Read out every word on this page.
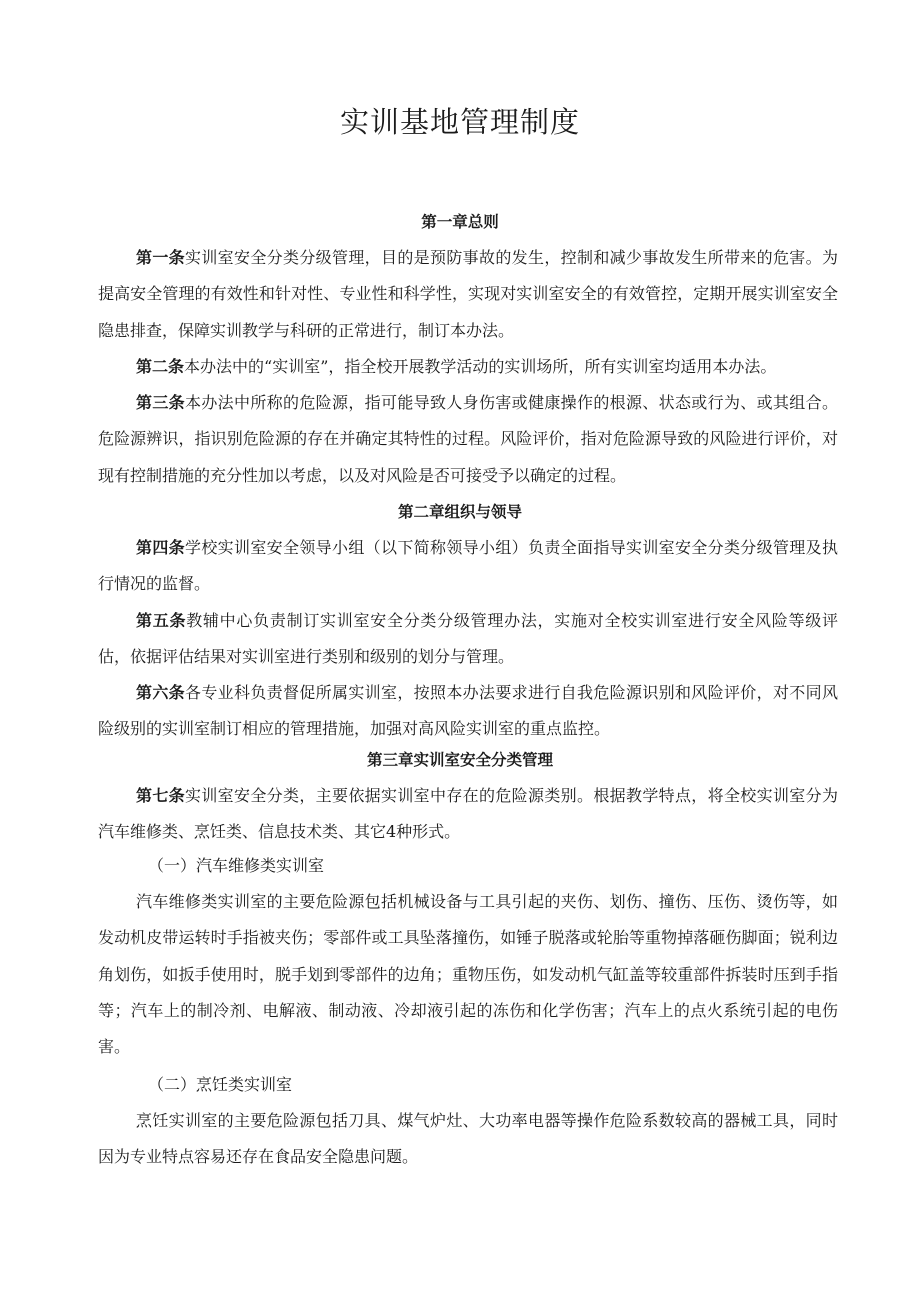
实训基地管理制度
第一章总则
第一条实训室安全分类分级管理，目的是预防事故的发生，控制和减少事故发生所带来的危害。为提高安全管理的有效性和针对性、专业性和科学性，实现对实训室安全的有效管控，定期开展实训室安全隐患排查，保障实训教学与科研的正常进行，制订本办法。
第二条本办法中的“实训室”，指全校开展教学活动的实训场所，所有实训室均适用本办法。
第三条本办法中所称的危险源，指可能导致人身伤害或健康操作的根源、状态或行为、或其组合。危险源辨识，指识别危险源的存在并确定其特性的过程。风险评价，指对危险源导致的风险进行评价，对现有控制措施的充分性加以考虑，以及对风险是否可接受予以确定的过程。
第二章组织与领导
第四条学校实训室安全领导小组（以下简称领导小组）负责全面指导实训室安全分类分级管理及执行情况的监督。
第五条教辅中心负责制订实训室安全分类分级管理办法，实施对全校实训室进行安全风险等级评估，依据评估结果对实训室进行类别和级别的划分与管理。
第六条各专业科负责督促所属实训室，按照本办法要求进行自我危险源识别和风险评价，对不同风险级别的实训室制订相应的管理措施，加强对高风险实训室的重点监控。
第三章实训室安全分类管理
第七条实训室安全分类，主要依据实训室中存在的危险源类别。根据教学特点，将全校实训室分为汽车维修类、烹饪类、信息技术类、其它4种形式。
（一）汽车维修类实训室
汽车维修类实训室的主要危险源包括机械设备与工具引起的夹伤、划伤、撞伤、压伤、烫伤等，如发动机皮带运转时手指被夹伤；零部件或工具坠落撞伤，如锤子脱落或轮胎等重物掉落砸伤脚面；锐利边角划伤，如扳手使用时，脱手划到零部件的边角；重物压伤，如发动机气缸盖等较重部件拆装时压到手指等；汽车上的制冷剂、电解液、制动液、冷却液引起的冻伤和化学伤害；汽车上的点火系统引起的电伤害。
（二）烹饪类实训室
烹饪实训室的主要危险源包括刀具、煤气炉灶、大功率电器等操作危险系数较高的器械工具，同时因为专业特点容易还存在食品安全隐患问题。
